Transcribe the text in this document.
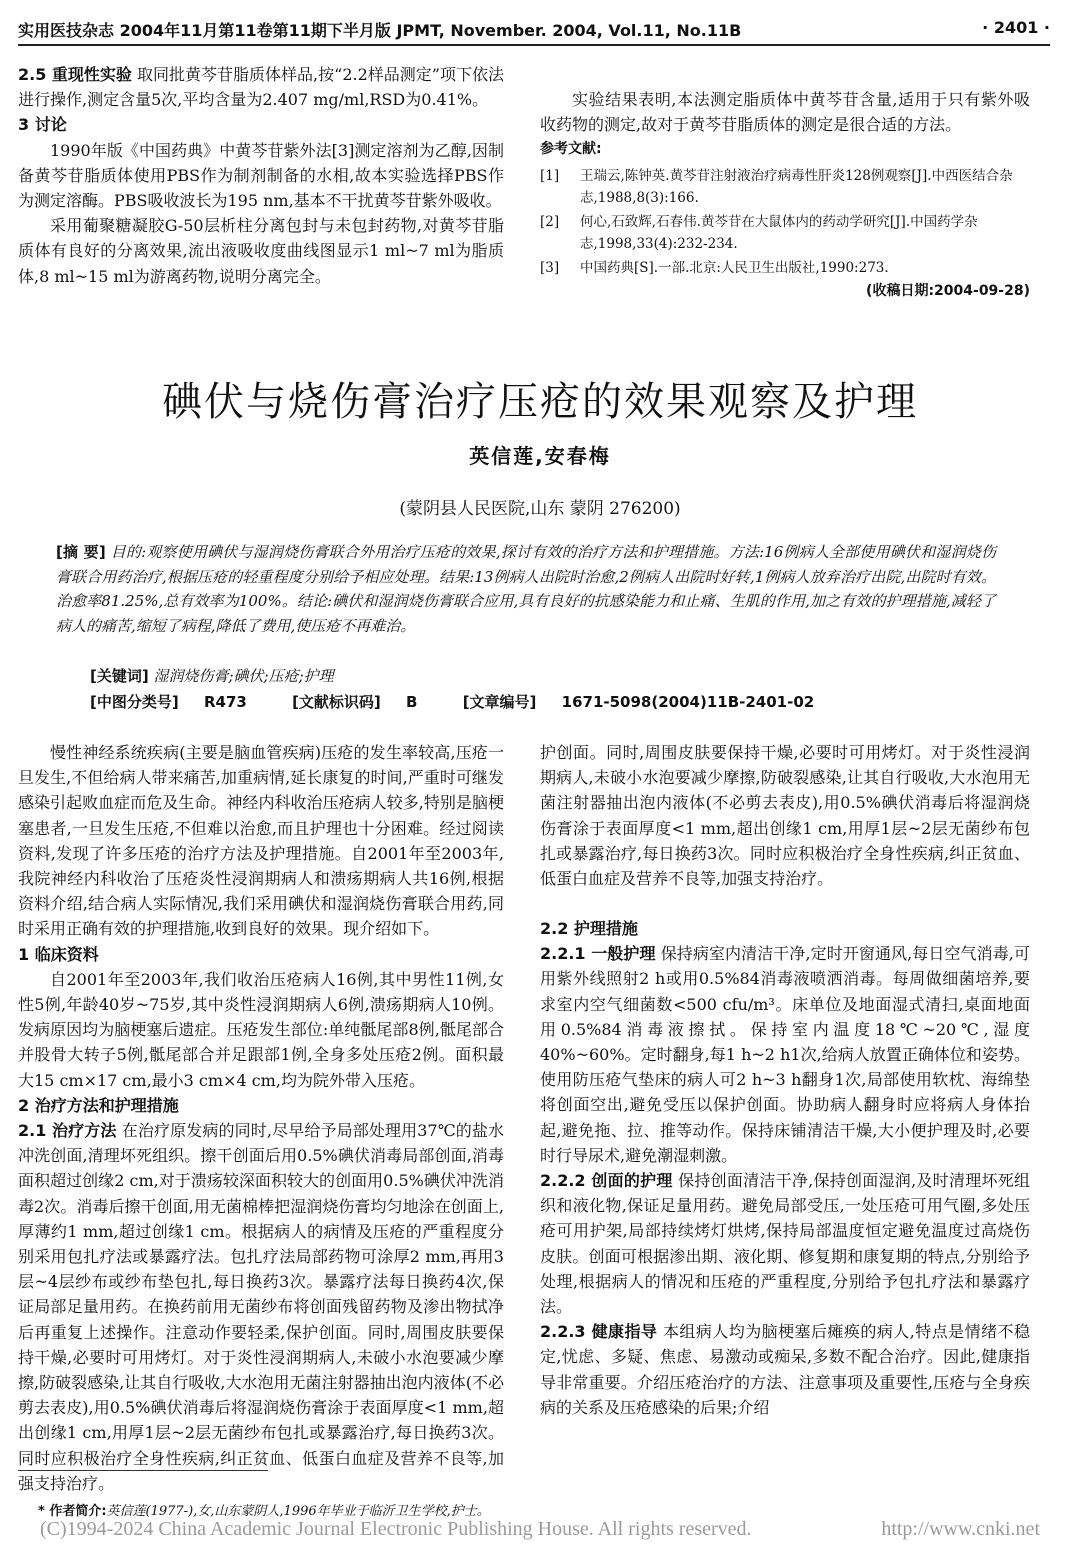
实用医技杂志 2004年11月第11卷第11期下半月版 JPMT, November. 2004, Vol.11, No.11B	· 2401 ·

2.5 重现性实验 取同批黄芩苷脂质体样品,按“2.2样品测定”项下依法进行操作,测定含量5次,平均含量为2.407 mg/ml,RSD为0.41%。

3 讨论

1990年版《中国药典》中黄芩苷紫外法[3]测定溶剂为乙醇,因制备黄芩苷脂质体使用PBS作为制剂制备的水相,故本实验选择PBS作为测定溶酶。PBS吸收波长为195 nm,基本不干扰黄芩苷紫外吸收。

采用葡聚糖凝胶G-50层析柱分离包封与未包封药物,对黄芩苷脂质体有良好的分离效果,流出液吸收度曲线图显示1 ml~7 ml为脂质体,8 ml~15 ml为游离药物,说明分离完全。

实验结果表明,本法测定脂质体中黄芩苷含量,适用于只有紫外吸收药物的测定,故对于黄芩苷脂质体的测定是很合适的方法。

参考文献:

[1]	王瑞云,陈钟英.黄芩苷注射液治疗病毒性肝炎128例观察[J].中西医结合杂志,1988,8(3):166.
[2]	何心,石致辉,石春伟.黄芩苷在大鼠体内的药动学研究[J].中国药学杂志,1998,33(4):232-234.
[3]	中国药典[S].一部.北京:人民卫生出版社,1990:273.

(收稿日期:2004-09-28)

碘伏与烧伤膏治疗压疮的效果观察及护理
英信莲,安春梅
(蒙阴县人民医院,山东 蒙阴 276200)

[摘 要] 目的:观察使用碘伏与湿润烧伤膏联合外用治疗压疮的效果,探讨有效的治疗方法和护理措施。方法:16例病人全部使用碘伏和湿润烧伤膏联合用药治疗,根据压疮的轻重程度分别给予相应处理。结果:13例病人出院时治愈,2例病人出院时好转,1例病人放弃治疗出院,出院时有效。治愈率81.25%,总有效率为100%。结论:碘伏和湿润烧伤膏联合应用,具有良好的抗感染能力和止痛、生肌的作用,加之有效的护理措施,减轻了病人的痛苦,缩短了病程,降低了费用,使压疮不再难治。

[关键词] 湿润烧伤膏;碘伏;压疮;护理
[中图分类号] R473	[文献标识码] B	[文章编号] 1671-5098(2004)11B-2401-02

慢性神经系统疾病(主要是脑血管疾病)压疮的发生率较高,压疮一旦发生,不但给病人带来痛苦,加重病情,延长康复的时间,严重时可继发感染引起败血症而危及生命。神经内科收治压疮病人较多,特别是脑梗塞患者,一旦发生压疮,不但难以治愈,而且护理也十分困难。经过阅读资料,发现了许多压疮的治疗方法及护理措施。自2001年至2003年,我院神经内科收治了压疮炎性浸润期病人和溃疡期病人共16例,根据资料介绍,结合病人实际情况,我们采用碘伏和湿润烧伤膏联合用药,同时采用正确有效的护理措施,收到良好的效果。现介绍如下。

1 临床资料

自2001年至2003年,我们收治压疮病人16例,其中男性11例,女性5例,年龄40岁~75岁,其中炎性浸润期病人6例,溃疡期病人10例。发病原因均为脑梗塞后遗症。压疮发生部位:单纯骶尾部8例,骶尾部合并股骨大转子5例,骶尾部合并足跟部1例,全身多处压疮2例。面积最大15 cm×17 cm,最小3 cm×4 cm,均为院外带入压疮。

2 治疗方法和护理措施

2.1 治疗方法 在治疗原发病的同时,尽早给予局部处理用37℃的盐水冲洗创面,清理坏死组织。擦干创面后用0.5%碘伏消毒局部创面,消毒面积超过创缘2 cm,对于溃疡较深面积较大的创面用0.5%碘伏冲洗消毒2次。消毒后擦干创面,用无菌棉棒把湿润烧伤膏均匀地涂在创面上,厚薄约1 mm,超过创缘1 cm。根据病人的病情及压疮的严重程度分别采用包扎疗法或暴露疗法。包扎疗法局部药物可涂厚2 mm,再用3层~4层纱布或纱布垫包扎,每日换药3次。暴露疗法每日换药4次,保证局部足量用药。在换药前用无菌纱布将创面残留药物及渗出物拭净后再重复上述操作。注意动作要轻柔,保护创面。同时,周围皮肤要保持干燥,必要时可用烤灯。对于炎性浸润期病人,未破小水泡要减少摩擦,防破裂感染,让其自行吸收,大水泡用无菌注射器抽出泡内液体(不必剪去表皮),用0.5%碘伏消毒后将湿润烧伤膏涂于表面厚度<1 mm,超出创缘1 cm,用厚1层~2层无菌纱布包扎或暴露治疗,每日换药3次。同时应积极治疗全身性疾病,纠正贫血、低蛋白血症及营养不良等,加强支持治疗。

护创面。同时,周围皮肤要保持干燥,必要时可用烤灯。对于炎性浸润期病人,未破小水泡要减少摩擦,防破裂感染,让其自行吸收,大水泡用无菌注射器抽出泡内液体(不必剪去表皮),用0.5%碘伏消毒后将湿润烧伤膏涂于表面厚度<1 mm,超出创缘1 cm,用厚1层~2层无菌纱布包扎或暴露治疗,每日换药3次。同时应积极治疗全身性疾病,纠正贫血、低蛋白血症及营养不良等,加强支持治疗。

2.2 护理措施

2.2.1 一般护理 保持病室内清洁干净,定时开窗通风,每日空气消毒,可用紫外线照射2 h或用0.5%84消毒液喷洒消毒。每周做细菌培养,要求室内空气细菌数<500 cfu/m³。床单位及地面湿式清扫,桌面地面用0.5%84消毒液擦拭。保持室内温度18℃~20℃,湿度40%~60%。定时翻身,每1 h~2 h1次,给病人放置正确体位和姿势。使用防压疮气垫床的病人可2 h~3 h翻身1次,局部使用软枕、海绵垫将创面空出,避免受压以保护创面。协助病人翻身时应将病人身体抬起,避免拖、拉、推等动作。保持床铺清洁干燥,大小便护理及时,必要时行导尿术,避免潮湿刺激。

2.2.2 创面的护理 保持创面清洁干净,保持创面湿润,及时清理坏死组织和液化物,保证足量用药。避免局部受压,一处压疮可用气圈,多处压疮可用护架,局部持续烤灯烘烤,保持局部温度恒定避免温度过高烧伤皮肤。创面可根据渗出期、液化期、修复期和康复期的特点,分别给予处理,根据病人的情况和压疮的严重程度,分别给予包扎疗法和暴露疗法。

2.2.3 健康指导 本组病人均为脑梗塞后瘫痪的病人,特点是情绪不稳定,忧虑、多疑、焦虑、易激动或痴呆,多数不配合治疗。因此,健康指导非常重要。介绍压疮治疗的方法、注意事项及重要性,压疮与全身疾病的关系及压疮感染的后果;介绍

* 作者简介:英信莲(1977-),女,山东蒙阴人,1996年毕业于临沂卫生学校,护士。
(C)1994-2024 China Academic Journal Electronic Publishing House. All rights reserved.	http://www.cnki.net
